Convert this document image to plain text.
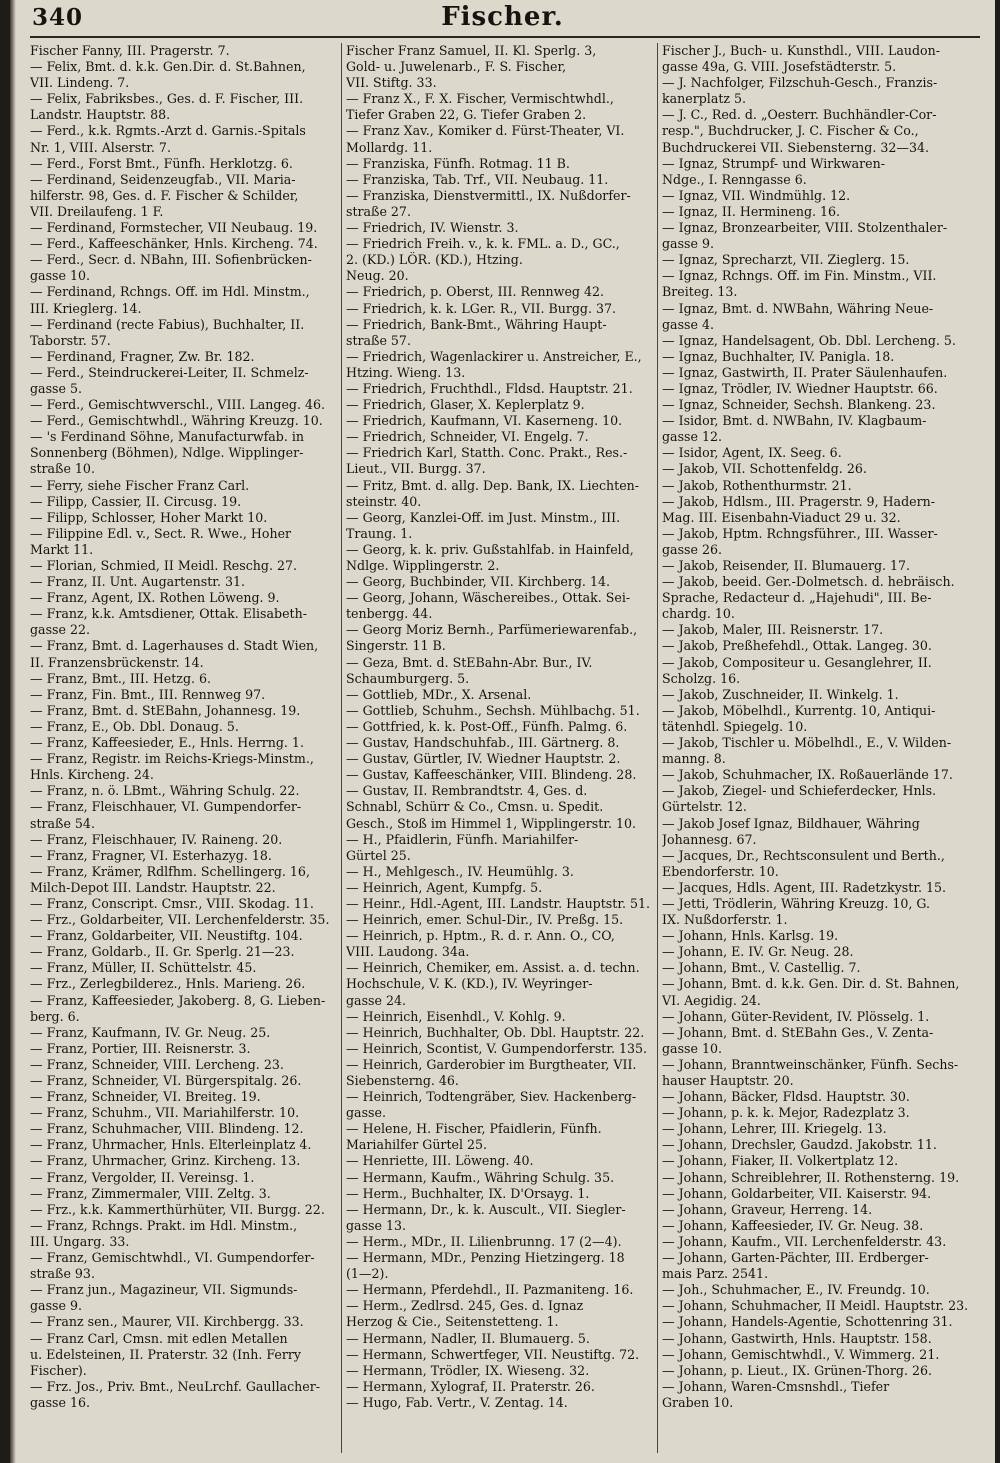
340	Fischer.
Fischer Fanny, III. Pragerstr. 7.
— Felix, Bmt. d. k.k. Gen.Dir. d. St.Bahnen,
VII. Lindeng. 7.
— Felix, Fabriksbes., Ges. d. F. Fischer, III.
Landstr. Hauptstr. 88.
— Ferd., k.k. Rgmts.-Arzt d. Garnis.-Spitals
Nr. 1, VIII. Alserstr. 7.
— Ferd., Forst Bmt., Fünfh. Herklotzg. 6.
— Ferdinand, Seidenzeugfab., VII. Maria-
hilferstr. 98, Ges. d. F. Fischer & Schilder,
VII. Dreilaufeng. 1 F.
— Ferdinand, Formstecher, VII Neubaug. 19.
— Ferd., Kaffeeschänker, Hnls. Kircheng. 74.
— Ferd., Secr. d. NBahn, III. Sofienbrücken-
gasse 10.
— Ferdinand, Rchngs. Off. im Hdl. Minstm.,
III. Krieglerg. 14.
— Ferdinand (recte Fabius), Buchhalter, II.
Taborstr. 57.
— Ferdinand, Fragner, Zw. Br. 182.
— Ferd., Steindruckerei-Leiter, II. Schmelz-
gasse 5.
— Ferd., Gemischtwverschl., VIII. Langeg. 46.
— Ferd., Gemischtwhdl., Währing Kreuzg. 10.
— 's Ferdinand Söhne, Manufacturwfab. in
Sonnenberg (Böhmen), Ndlge. Wipplinger-
straße 10.
— Ferry, siehe Fischer Franz Carl.
— Filipp, Cassier, II. Circusg. 19.
— Filipp, Schlosser, Hoher Markt 10.
— Filippine Edl. v., Sect. R. Wwe., Hoher
Markt 11.
— Florian, Schmied, II Meidl. Reschg. 27.
— Franz, II. Unt. Augartenstr. 31.
— Franz, Agent, IX. Rothen Löweng. 9.
— Franz, k.k. Amtsdiener, Ottak. Elisabeth-
gasse 22.
— Franz, Bmt. d. Lagerhauses d. Stadt Wien,
II. Franzensbrückenstr. 14.
— Franz, Bmt., III. Hetzg. 6.
— Franz, Fin. Bmt., III. Rennweg 97.
— Franz, Bmt. d. StEBahn, Johannesg. 19.
— Franz, E., Ob. Dbl. Donaug. 5.
— Franz, Kaffeesieder, E., Hnls. Herrng. 1.
— Franz, Registr. im Reichs-Kriegs-Minstm.,
Hnls. Kircheng. 24.
— Franz, n. ö. LBmt., Währing Schulg. 22.
— Franz, Fleischhauer, VI. Gumpendorfer-
straße 54.
— Franz, Fleischhauer, IV. Raineng. 20.
— Franz, Fragner, VI. Esterhazyg. 18.
— Franz, Krämer, Rdlfhm. Schellingerg. 16,
Milch-Depot III. Landstr. Hauptstr. 22.
— Franz, Conscript. Cmsr., VIII. Skodag. 11.
— Frz., Goldarbeiter, VII. Lerchenfelderstr. 35.
— Franz, Goldarbeiter, VII. Neustiftg. 104.
— Franz, Goldarb., II. Gr. Sperlg. 21—23.
— Franz, Müller, II. Schüttelstr. 45.
— Frz., Zerlegbilderez., Hnls. Marieng. 26.
— Franz, Kaffeesieder, Jakoberg. 8, G. Lieben-
berg. 6.
— Franz, Kaufmann, IV. Gr. Neug. 25.
— Franz, Portier, III. Reisnerstr. 3.
— Franz, Schneider, VIII. Lercheng. 23.
— Franz, Schneider, VI. Bürgerspitalg. 26.
— Franz, Schneider, VI. Breiteg. 19.
— Franz, Schuhm., VII. Mariahilferstr. 10.
— Franz, Schuhmacher, VIII. Blindeng. 12.
— Franz, Uhrmacher, Hnls. Elterleinplatz 4.
— Franz, Uhrmacher, Grinz. Kircheng. 13.
— Franz, Vergolder, II. Vereinsg. 1.
— Franz, Zimmermaler, VIII. Zeltg. 3.
— Frz., k.k. Kammerthürhüter, VII. Burgg. 22.
— Franz, Rchngs. Prakt. im Hdl. Minstm.,
III. Ungarg. 33.
— Franz, Gemischtwhdl., VI. Gumpendorfer-
straße 93.
— Franz jun., Magazineur, VII. Sigmunds-
gasse 9.
— Franz sen., Maurer, VII. Kirchbergg. 33.
— Franz Carl, Cmsn. mit edlen Metallen
u. Edelsteinen, II. Praterstr. 32 (Inh. Ferry
Fischer).
— Frz. Jos., Priv. Bmt., NeuLrchf. Gaullacher-
gasse 16.
Fischer Franz Samuel, II. Kl. Sperlg. 3,
Gold- u. Juwelenarb., F. S. Fischer,
VII. Stiftg. 33.
— Franz X., F. X. Fischer, Vermischtwhdl.,
Tiefer Graben 22, G. Tiefer Graben 2.
— Franz Xav., Komiker d. Fürst-Theater, VI.
Mollardg. 11.
— Franziska, Fünfh. Rotmag. 11 B.
— Franziska, Tab. Trf., VII. Neubaug. 11.
— Franziska, Dienstvermittl., IX. Nußdorfer-
straße 27.
— Friedrich, IV. Wienstr. 3.
— Friedrich Freih. v., k. k. FML. a. D., GC.,
2. (KD.) LÖR. (KD.), Htzing.
Neug. 20.
— Friedrich, p. Oberst, III. Rennweg 42.
— Friedrich, k. k. LGer. R., VII. Burgg. 37.
— Friedrich, Bank-Bmt., Währing Haupt-
straße 57.
— Friedrich, Wagenlackirer u. Anstreicher, E.,
Htzing. Wieng. 13.
— Friedrich, Fruchthdl., Fldsd. Hauptstr. 21.
— Friedrich, Glaser, X. Keplerplatz 9.
— Friedrich, Kaufmann, VI. Kaserneng. 10.
— Friedrich, Schneider, VI. Engelg. 7.
— Friedrich Karl, Statth. Conc. Prakt., Res.-
Lieut., VII. Burgg. 37.
— Fritz, Bmt. d. allg. Dep. Bank, IX. Liechten-
steinstr. 40.
— Georg, Kanzlei-Off. im Just. Minstm., III.
Traung. 1.
— Georg, k. k. priv. Gußstahlfab. in Hainfeld,
Ndlge. Wipplingerstr. 2.
— Georg, Buchbinder, VII. Kirchberg. 14.
— Georg, Johann, Wäschereibes., Ottak. Sei-
tenbergg. 44.
— Georg Moriz Bernh., Parfümeriewarenfab.,
Singerstr. 11 B.
— Geza, Bmt. d. StEBahn-Abr. Bur., IV.
Schaumburgerg. 5.
— Gottlieb, MDr., X. Arsenal.
— Gottlieb, Schuhm., Sechsh. Mühlbachg. 51.
— Gottfried, k. k. Post-Off., Fünfh. Palmg. 6.
— Gustav, Handschuhfab., III. Gärtnerg. 8.
— Gustav, Gürtler, IV. Wiedner Hauptstr. 2.
— Gustav, Kaffeeschänker, VIII. Blindeng. 28.
— Gustav, II. Rembrandtstr. 4, Ges. d.
Schnabl, Schürr & Co., Cmsn. u. Spedit.
Gesch., Stoß im Himmel 1, Wipplingerstr. 10.
— H., Pfaidlerin, Fünfh. Mariahilfer-
Gürtel 25.
— H., Mehlgesch., IV. Heumühlg. 3.
— Heinrich, Agent, Kumpfg. 5.
— Heinr., Hdl.-Agent, III. Landstr. Hauptstr. 51.
— Heinrich, emer. Schul-Dir., IV. Preßg. 15.
— Heinrich, p. Hptm., R. d. r. Ann. O., CO,
VIII. Laudong. 34a.
— Heinrich, Chemiker, em. Assist. a. d. techn.
Hochschule, V. K. (KD.), IV. Weyringer-
gasse 24.
— Heinrich, Eisenhdl., V. Kohlg. 9.
— Heinrich, Buchhalter, Ob. Dbl. Hauptstr. 22.
— Heinrich, Scontist, V. Gumpendorferstr. 135.
— Heinrich, Garderobier im Burgtheater, VII.
Siebensterng. 46.
— Heinrich, Todtengräber, Siev. Hackenberg-
gasse.
— Helene, H. Fischer, Pfaidlerin, Fünfh.
Mariahilfer Gürtel 25.
— Henriette, III. Löweng. 40.
— Hermann, Kaufm., Währing Schulg. 35.
— Herm., Buchhalter, IX. D'Orsayg. 1.
— Hermann, Dr., k. k. Auscult., VII. Siegler-
gasse 13.
— Herm., MDr., II. Lilienbrunng. 17 (2—4).
— Hermann, MDr., Penzing Hietzingerg. 18
(1—2).
— Hermann, Pferdehdl., II. Pazmaniteng. 16.
— Herm., Zedlrsd. 245, Ges. d. Ignaz
Herzog & Cie., Seitenstetteng. 1.
— Hermann, Nadler, II. Blumauerg. 5.
— Hermann, Schwertfeger, VII. Neustiftg. 72.
— Hermann, Trödler, IX. Wieseng. 32.
— Hermann, Xylograf, II. Praterstr. 26.
— Hugo, Fab. Vertr., V. Zentag. 14.
Fischer J., Buch- u. Kunsthdl., VIII. Laudon-
gasse 49a, G. VIII. Josefstädterstr. 5.
— J. Nachfolger, Filzschuh-Gesch., Franzis-
kanerplatz 5.
— J. C., Red. d. „Oesterr. Buchhändler-Cor-
resp.", Buchdrucker, J. C. Fischer & Co.,
Buchdruckerei VII. Siebensterng. 32—34.
— Ignaz, Strumpf- und Wirkwaren-
Ndge., I. Renngasse 6.
— Ignaz, VII. Windmühlg. 12.
— Ignaz, II. Hermineng. 16.
— Ignaz, Bronzearbeiter, VIII. Stolzenthaler-
gasse 9.
— Ignaz, Sprecharzt, VII. Zieglerg. 15.
— Ignaz, Rchngs. Off. im Fin. Minstm., VII.
Breiteg. 13.
— Ignaz, Bmt. d. NWBahn, Währing Neue-
gasse 4.
— Ignaz, Handelsagent, Ob. Dbl. Lercheng. 5.
— Ignaz, Buchhalter, IV. Panigla. 18.
— Ignaz, Gastwirth, II. Prater Säulenhaufen.
— Ignaz, Trödler, IV. Wiedner Hauptstr. 66.
— Ignaz, Schneider, Sechsh. Blankeng. 23.
— Isidor, Bmt. d. NWBahn, IV. Klagbaum-
gasse 12.
— Isidor, Agent, IX. Seeg. 6.
— Jakob, VII. Schottenfeldg. 26.
— Jakob, Rothenthurmstr. 21.
— Jakob, Hdlsm., III. Pragerstr. 9, Hadern-
Mag. III. Eisenbahn-Viaduct 29 u. 32.
— Jakob, Hptm. Rchngsführer., III. Wasser-
gasse 26.
— Jakob, Reisender, II. Blumauerg. 17.
— Jakob, beeid. Ger.-Dolmetsch. d. hebräisch.
Sprache, Redacteur d. „Hajehudi", III. Be-
chardg. 10.
— Jakob, Maler, III. Reisnerstr. 17.
— Jakob, Preßhefehdl., Ottak. Langeg. 30.
— Jakob, Compositeur u. Gesanglehrer, II.
Scholzg. 16.
— Jakob, Zuschneider, II. Winkelg. 1.
— Jakob, Möbelhdl., Kurrentg. 10, Antiqui-
tätenhdl. Spiegelg. 10.
— Jakob, Tischler u. Möbelhdl., E., V. Wilden-
manng. 8.
— Jakob, Schuhmacher, IX. Roßauerlände 17.
— Jakob, Ziegel- und Schieferdecker, Hnls.
Gürtelstr. 12.
— Jakob Josef Ignaz, Bildhauer, Währing
Johannesg. 67.
— Jacques, Dr., Rechtsconsulent und Berth.,
Ebendorferstr. 10.
— Jacques, Hdls. Agent, III. Radetzkystr. 15.
— Jetti, Trödlerin, Währing Kreuzg. 10, G.
IX. Nußdorferstr. 1.
— Johann, Hnls. Karlsg. 19.
— Johann, E. IV. Gr. Neug. 28.
— Johann, Bmt., V. Castellig. 7.
— Johann, Bmt. d. k.k. Gen. Dir. d. St. Bahnen,
VI. Aegidig. 24.
— Johann, Güter-Revident, IV. Plösselg. 1.
— Johann, Bmt. d. StEBahn Ges., V. Zenta-
gasse 10.
— Johann, Branntweinschänker, Fünfh. Sechs-
hauser Hauptstr. 20.
— Johann, Bäcker, Fldsd. Hauptstr. 30.
— Johann, p. k. k. Mejor, Radezplatz 3.
— Johann, Lehrer, III. Kriegelg. 13.
— Johann, Drechsler, Gaudzd. Jakobstr. 11.
— Johann, Fiaker, II. Volkertplatz 12.
— Johann, Schreiblehrer, II. Rothensterng. 19.
— Johann, Goldarbeiter, VII. Kaiserstr. 94.
— Johann, Graveur, Herreng. 14.
— Johann, Kaffeesieder, IV. Gr. Neug. 38.
— Johann, Kaufm., VII. Lerchenfelderstr. 43.
— Johann, Garten-Pächter, III. Erdberger-
mais Parz. 2541.
— Joh., Schuhmacher, E., IV. Freundg. 10.
— Johann, Schuhmacher, II Meidl. Hauptstr. 23.
— Johann, Handels-Agentie, Schottenring 31.
— Johann, Gastwirth, Hnls. Hauptstr. 158.
— Johann, Gemischtwhdl., V. Wimmerg. 21.
— Johann, p. Lieut., IX. Grünen-Thorg. 26.
— Johann, Waren-Cmsnshdl., Tiefer
Graben 10.
